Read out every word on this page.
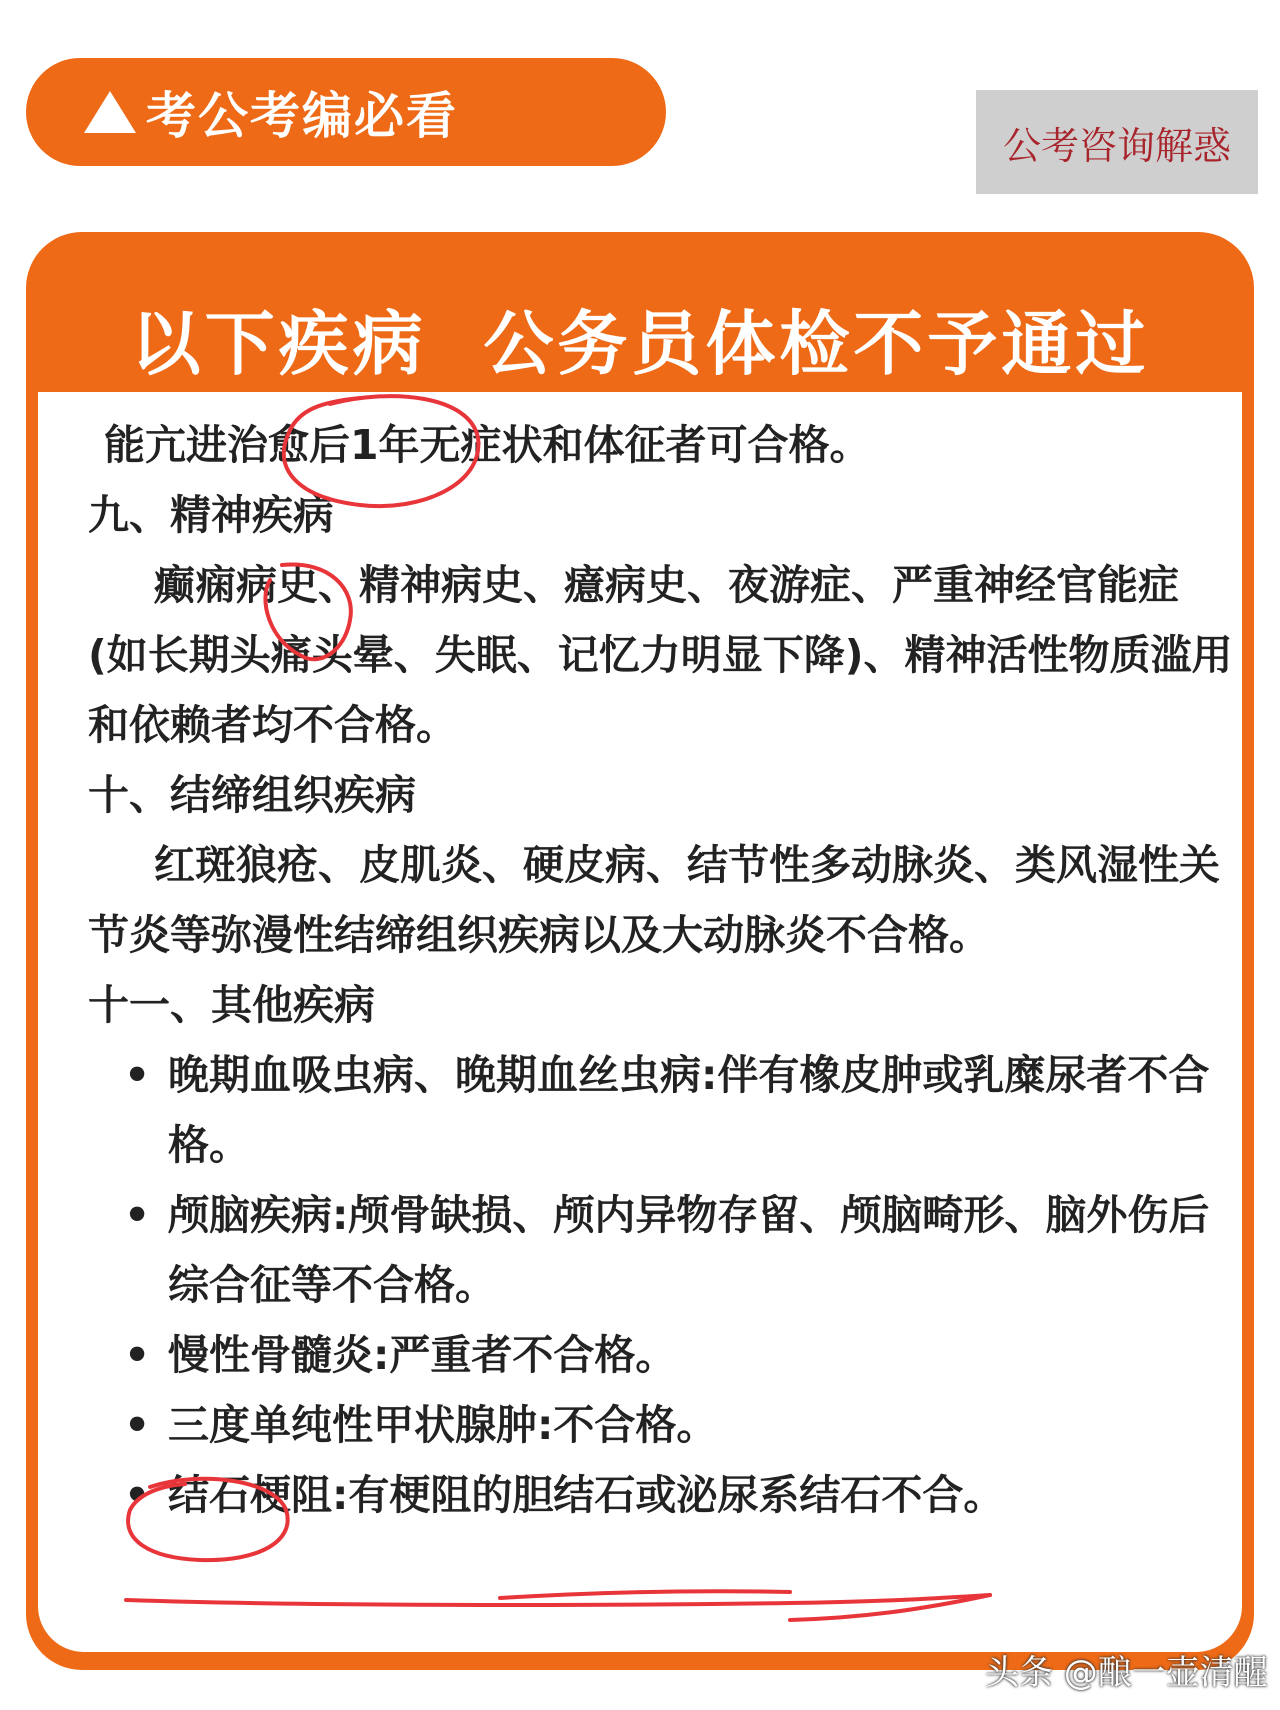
考公考编必看
公考咨询解惑
以下疾病  公务员体检不予通过

能亢进治愈后1年无症状和体征者可合格。

九、精神疾病

癫痫病史、精神病史、癔病史、夜游症、严重神经官能症(如长期头痛头晕、失眠、记忆力明显下降)、精神活性物质滥用和依赖者均不合格。

十、结缔组织疾病

红斑狼疮、皮肌炎、硬皮病、结节性多动脉炎、类风湿性关节炎等弥漫性结缔组织疾病以及大动脉炎不合格。

十一、其他疾病

• 晚期血吸虫病、晚期血丝虫病:伴有橡皮肿或乳糜尿者不合格。
• 颅脑疾病:颅骨缺损、颅内异物存留、颅脑畸形、脑外伤后综合征等不合格。
• 慢性骨髓炎:严重者不合格。
• 三度单纯性甲状腺肿:不合格。
• 结石梗阻:有梗阻的胆结石或泌尿系结石不合。
头条 @酿一壶清醒
